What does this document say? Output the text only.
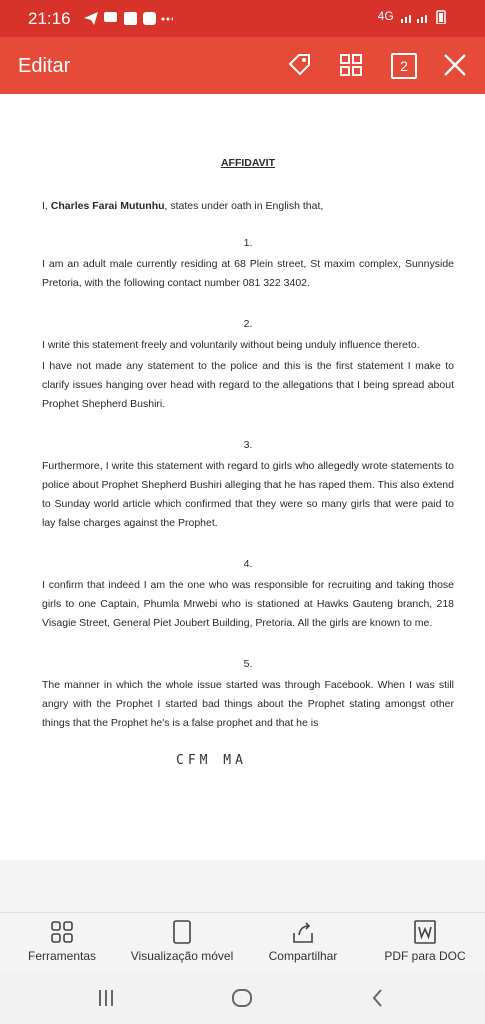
21:16	4G
Editar	2
AFFIDAVIT
I, Charles Farai Mutunhu, states under oath in English that,
1.

I am an adult male currently residing at 68 Plein street, St maxim complex, Sunnyside Pretoria, with the following contact number 081 322 3402.

2.

I write this statement freely and voluntarily without being unduly influence thereto.

I have not made any statement to the police and this is the first statement I make to clarify issues hanging over head with regard to the allegations that I being spread about Prophet Shepherd Bushiri.

3.

Furthermore, I write this statement with regard to girls who allegedly wrote statements to police about Prophet Shepherd Bushiri alleging that he has raped them. This also extend to Sunday world article which confirmed that they were so many girls that were paid to lay false charges against the Prophet.

4.

I confirm that indeed I am the one who was responsible for recruiting and taking those girls to one Captain, Phumla Mrwebi who is stationed at Hawks Gauteng branch, 218 Visagie Street, General Piet Joubert Building, Pretoria. All the girls are known to me.

5.

The manner in which the whole issue started was through Facebook. When I was still angry with the Prophet I started bad things about the Prophet stating amongst other things that the Prophet he's is a false prophet and that he is

CFM MA
Ferramentas	Visualização móvel	Compartilhar	PDF para DOC
